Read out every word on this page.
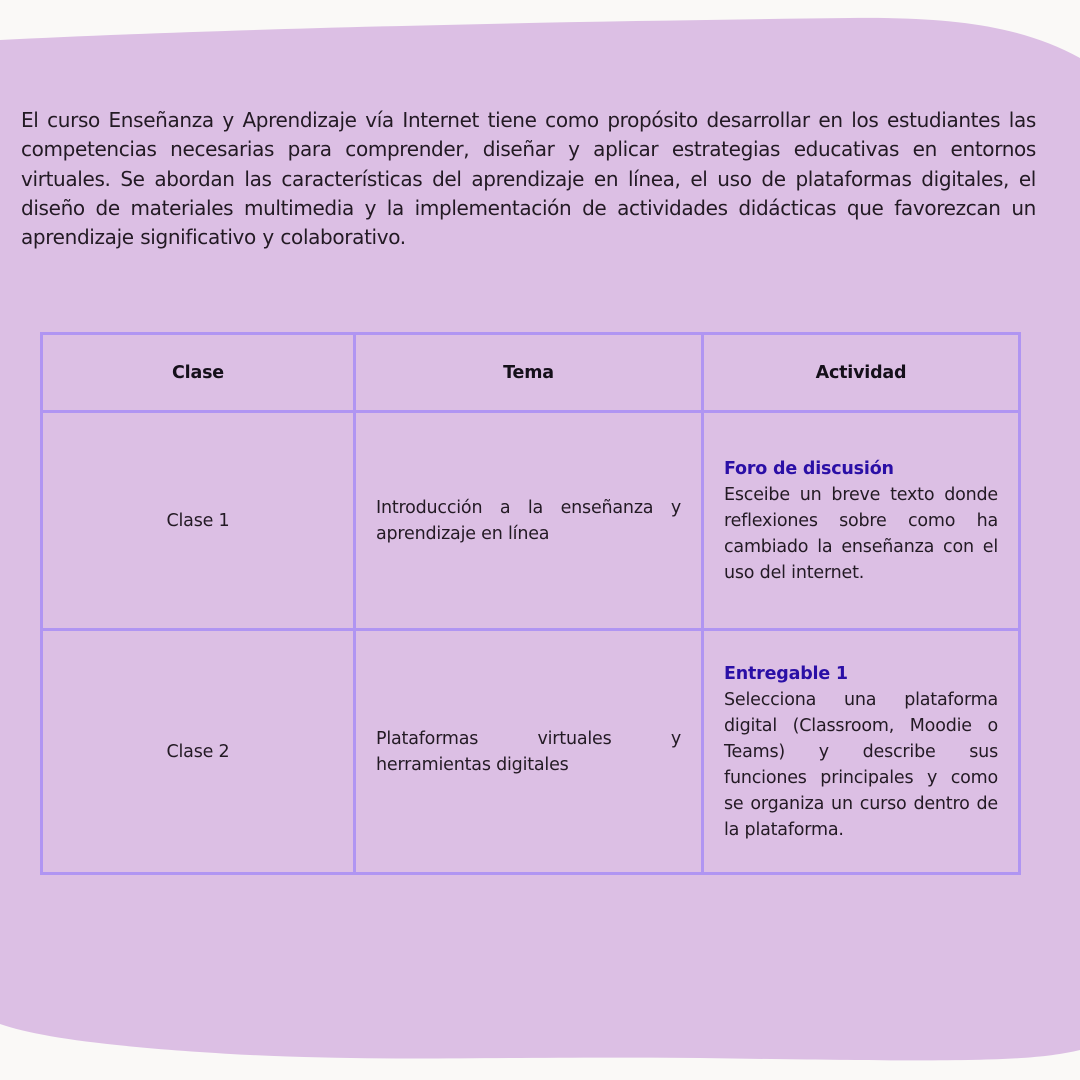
El curso Enseñanza y Aprendizaje vía Internet tiene como propósito desarrollar en los estudiantes las competencias necesarias para comprender, diseñar y aplicar estrategias educativas en entornos virtuales. Se abordan las características del aprendizaje en línea, el uso de plataformas digitales, el diseño de materiales multimedia y la implementación de actividades didácticas que favorezcan un aprendizaje significativo y colaborativo.

Clase	Tema	Actividad
Clase 1	Introducción a la enseñanza y aprendizaje en línea	Foro de discusión
Esceibe un breve texto donde reflexiones sobre como ha cambiado la enseñanza con el uso del internet.
Clase 2	Plataformas virtuales y herramientas digitales	Entregable 1
Selecciona una plataforma digital (Classroom, Moodie o Teams) y describe sus funciones principales y como se organiza un curso dentro de la plataforma.
